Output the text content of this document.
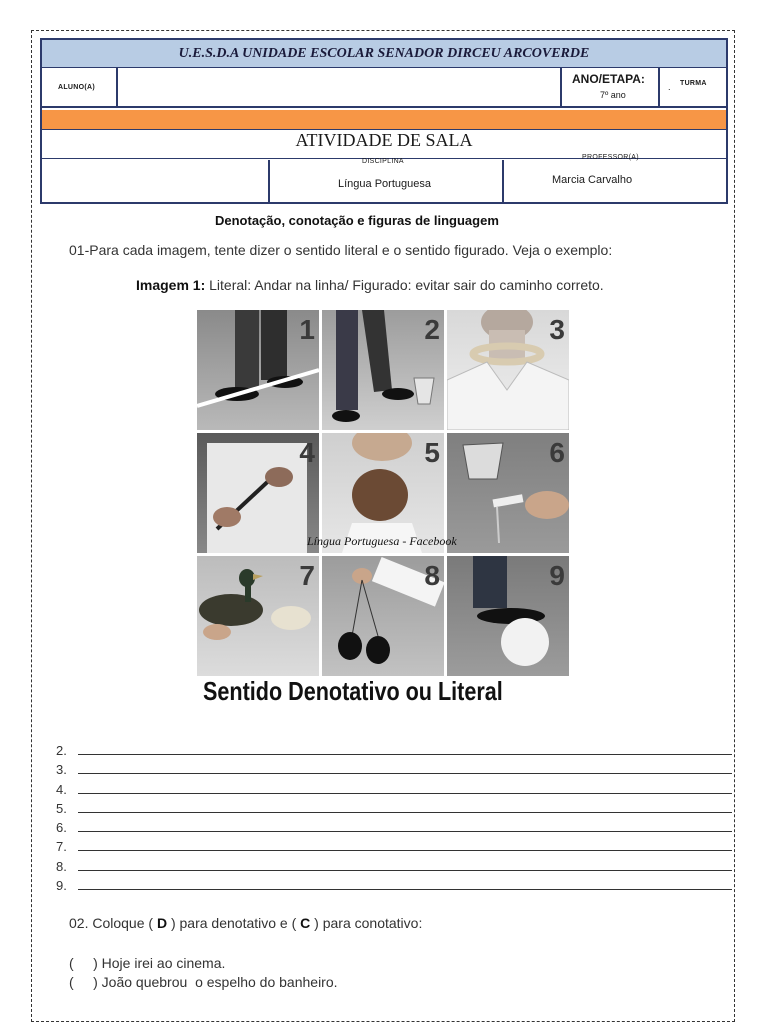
U.E.S.D.A UNIDADE ESCOLAR SENADOR DIRCEU ARCOVERDE
ALUNO(A)
ANO/ETAPA:
7º ano
. TURMA
ATIVIDADE DE SALA
DISCIPLINA
Língua Portuguesa
PROFESSOR(A)
Marcia Carvalho
Denotação, conotação e figuras de linguagem
01-Para cada imagem, tente dizer o sentido literal e o sentido figurado. Veja o exemplo:
Imagem 1: Literal: Andar na linha/ Figurado: evitar sair do caminho correto.
1	2	3
4	5	6
7	8	9
Língua Portuguesa - Facebook
Sentido Denotativo ou Literal
2.
3.
4.
5.
6.
7.
8.
9.
02. Coloque ( D ) para denotativo e ( C ) para conotativo:
(     ) Hoje irei ao cinema.
(     ) João quebrou  o espelho do banheiro.
